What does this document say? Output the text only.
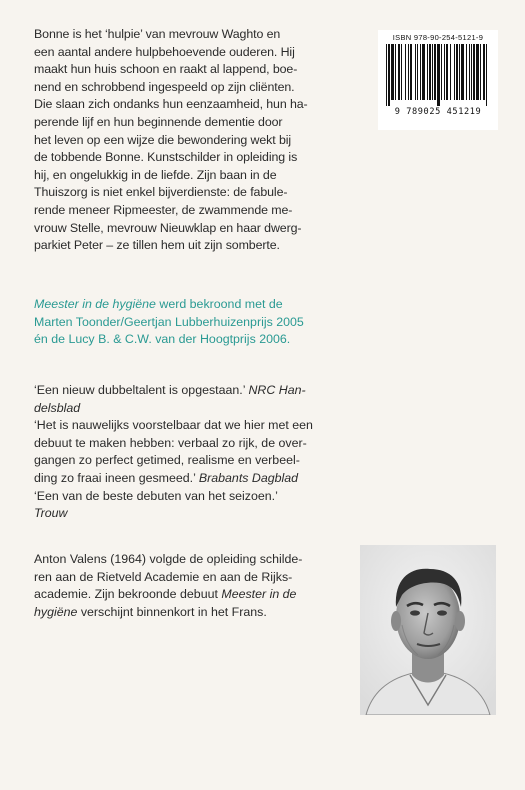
Bonne is het ‘hulpie’ van mevrouw Waghto en
een aantal andere hulpbehoevende ouderen. Hij
maakt hun huis schoon en raakt al lappend, boe-
nend en schrobbend ingespeeld op zijn cliënten.
Die slaan zich ondanks hun eenzaamheid, hun ha-
perende lijf en hun beginnende dementie door
het leven op een wijze die bewondering wekt bij
de tobbende Bonne. Kunstschilder in opleiding is
hij, en ongelukkig in de liefde. Zijn baan in de
Thuiszorg is niet enkel bijverdienste: de fabule-
rende meneer Ripmeester, de zwammende me-
vrouw Stelle, mevrouw Nieuwklap en haar dwerg-
parkiet Peter – ze tillen hem uit zijn somberte.
Meester in de hygiëne werd bekroond met de
Marten Toonder/Geertjan Lubberhuizenprijs 2005
én de Lucy B. & C.W. van der Hoogtprijs 2006.
‘Een nieuw dubbeltalent is opgestaan.’ NRC Han-
delsblad
‘Het is nauwelijks voorstelbaar dat we hier met een
debuut te maken hebben: verbaal zo rijk, de over-
gangen zo perfect getimed, realisme en verbeel-
ding zo fraai ineen gesmeed.’ Brabants Dagblad
‘Een van de beste debuten van het seizoen.’
Trouw
Anton Valens (1964) volgde de opleiding schilde-
ren aan de Rietveld Academie en aan de Rijks-
academie. Zijn bekroonde debuut Meester in de
hygiëne verschijnt binnenkort in het Frans.
ISBN 978-90-254-5121-9
9 789025 451219
